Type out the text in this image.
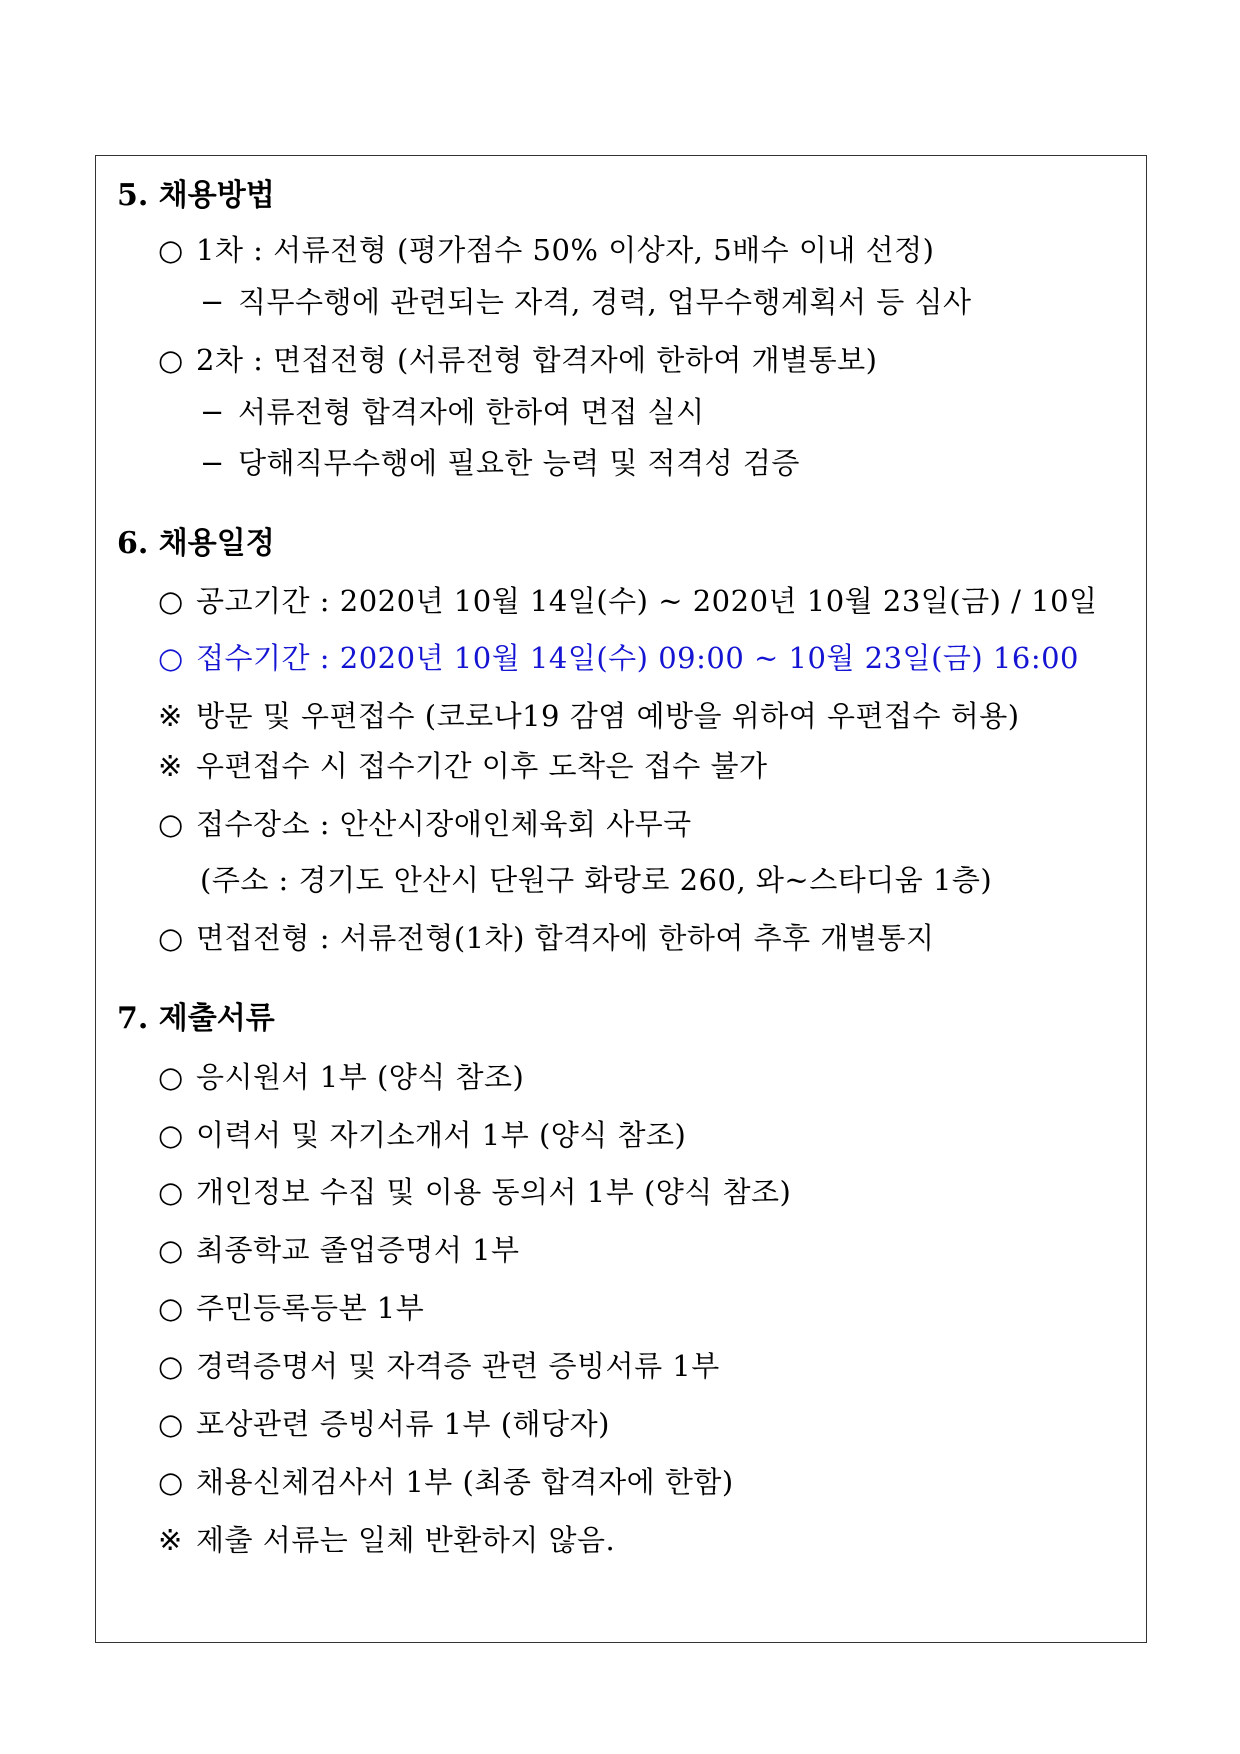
5. 채용방법
○ 1차 : 서류전형 (평가점수 50% 이상자, 5배수 이내 선정)
− 직무수행에 관련되는 자격, 경력, 업무수행계획서 등 심사
○ 2차 : 면접전형 (서류전형 합격자에 한하여 개별통보)
− 서류전형 합격자에 한하여 면접 실시
− 당해직무수행에 필요한 능력 및 적격성 검증
6. 채용일정
○ 공고기간 : 2020년 10월 14일(수) ~ 2020년 10월 23일(금) / 10일
○ 접수기간 : 2020년 10월 14일(수) 09:00 ~ 10월 23일(금) 16:00
※ 방문 및 우편접수 (코로나19 감염 예방을 위하여 우편접수 허용)
※ 우편접수 시 접수기간 이후 도착은 접수 불가
○ 접수장소 : 안산시장애인체육회 사무국
(주소 : 경기도 안산시 단원구 화랑로 260, 와~스타디움 1층)
○ 면접전형 : 서류전형(1차) 합격자에 한하여 추후 개별통지
7. 제출서류
○ 응시원서 1부 (양식 참조)
○ 이력서 및 자기소개서 1부 (양식 참조)
○ 개인정보 수집 및 이용 동의서 1부 (양식 참조)
○ 최종학교 졸업증명서 1부
○ 주민등록등본 1부
○ 경력증명서 및 자격증 관련 증빙서류 1부
○ 포상관련 증빙서류 1부 (해당자)
○ 채용신체검사서 1부 (최종 합격자에 한함)
※ 제출 서류는 일체 반환하지 않음.
